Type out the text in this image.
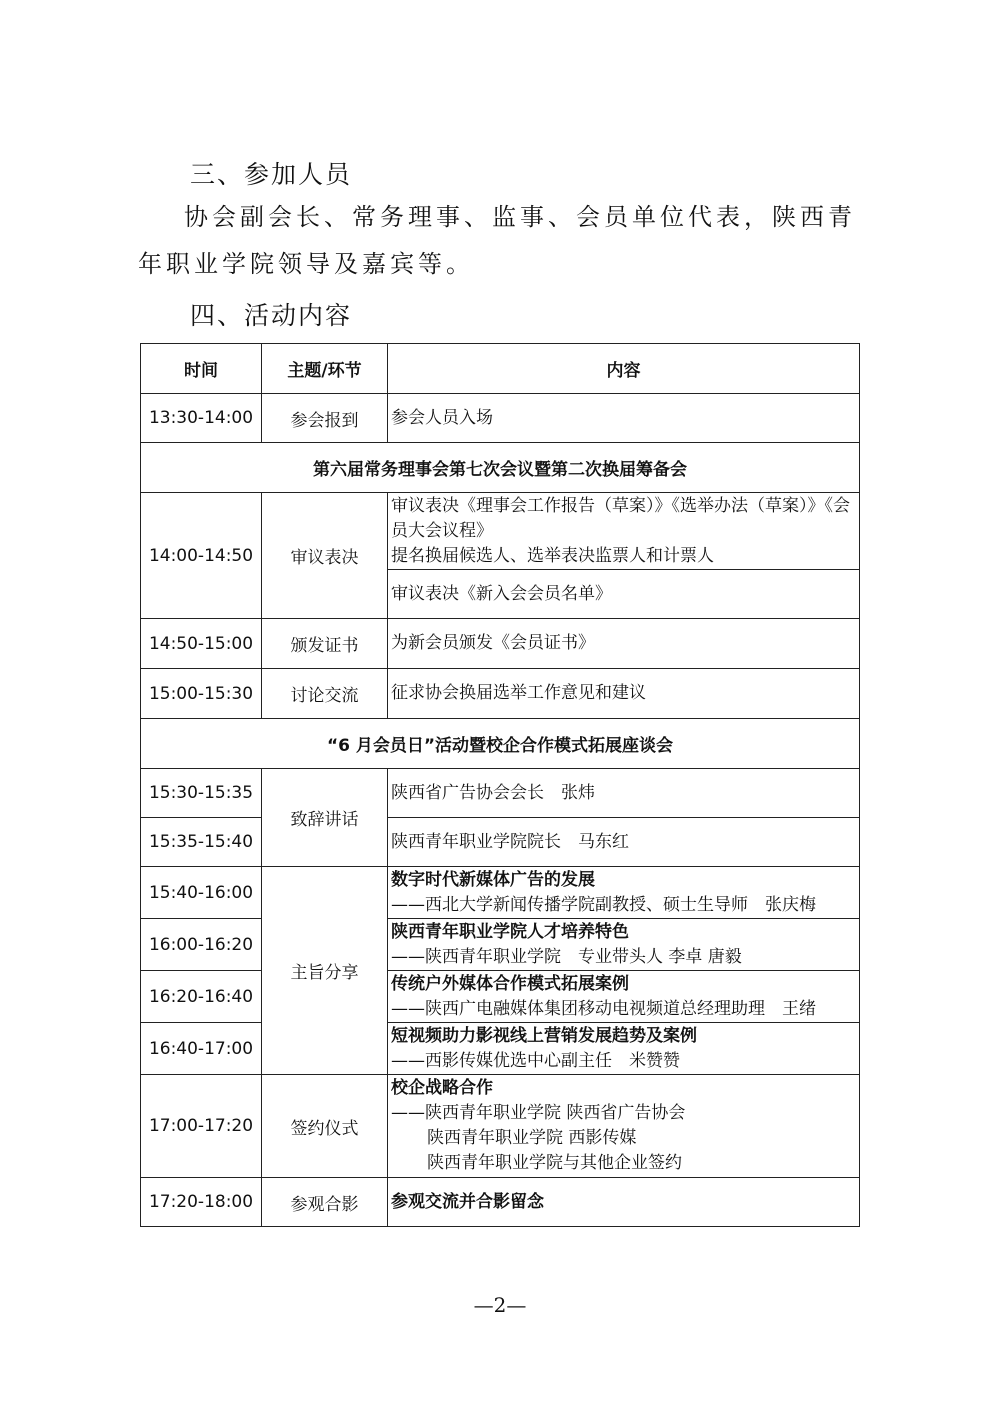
三、参加人员

协会副会长、常务理事、监事、会员单位代表，陕西青年职业学院领导及嘉宾等。

四、活动内容
时间	主题/环节	内容
13:30-14:00	参会报到	参会人员入场
第六届常务理事会第七次会议暨第二次换届筹备会		
14:00-14:50	审议表决	审议表决《理事会工作报告（草案）》《选举办法（草案）》《会员大会议程》
提名换届候选人、选举表决监票人和计票人

		审议表决《新入会会员名单》
14:50-15:00	颁发证书	为新会员颁发《会员证书》
15:00-15:30	讨论交流	征求协会换届选举工作意见和建议
“6 月会员日”活动暨校企合作模式拓展座谈会		
15:30-15:35	致辞讲话	陕西省广告协会会长　张炜
15:35-15:40		陕西青年职业学院院长　马东红
15:40-16:00	主旨分享	数字时代新媒体广告的发展
——西北大学新闻传播学院副教授、硕士生导师　张庆梅

16:00-16:20		陕西青年职业学院人才培养特色
——陕西青年职业学院　专业带头人 李卓 唐毅

16:20-16:40		传统户外媒体合作模式拓展案例
——陕西广电融媒体集团移动电视频道总经理助理　王绪

16:40-17:00		短视频助力影视线上营销发展趋势及案例
——西影传媒优选中心副主任　米赞赞

17:00-17:20	签约仪式	校企战略合作
——陕西青年职业学院 陕西省广告协会
陕西青年职业学院 西影传媒
陕西青年职业学院与其他企业签约

17:20-18:00	参观合影	参观交流并合影留念
—2—
